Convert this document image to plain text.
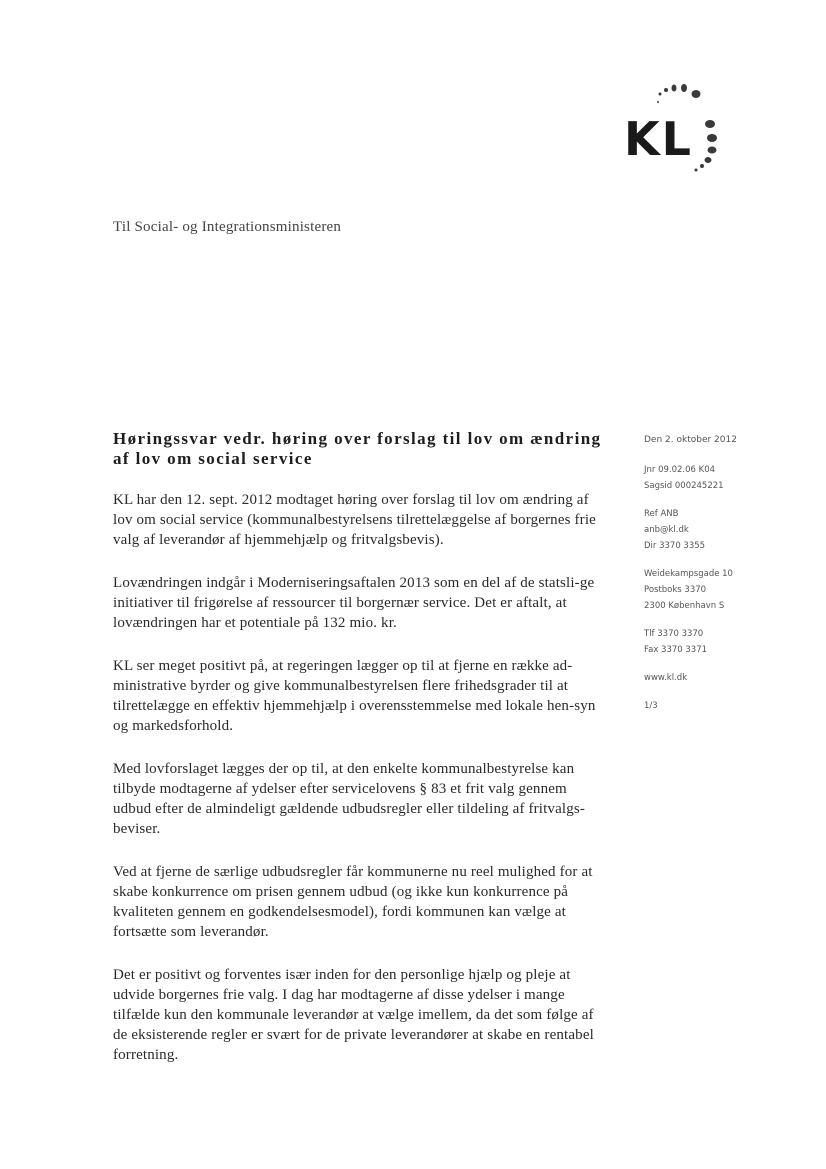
KL
Til Social- og Integrationsministeren
Høringssvar vedr. høring over forslag til lov om ændring af lov om social service

KL har den 12. sept. 2012 modtaget høring over forslag til lov om ændring af lov om social service (kommunalbestyrelsens tilrettelæggelse af borgernes frie valg af leverandør af hjemmehjælp og fritvalgsbevis).

Lovændringen indgår i Moderniseringsaftalen 2013 som en del af de statsli-ge initiativer til frigørelse af ressourcer til borgernær service. Det er aftalt, at lovændringen har et potentiale på 132 mio. kr.

KL ser meget positivt på, at regeringen lægger op til at fjerne en række ad-ministrative byrder og give kommunalbestyrelsen flere frihedsgrader til at tilrettelægge en effektiv hjemmehjælp i overensstemmelse med lokale hen-syn og markedsforhold.

Med lovforslaget lægges der op til, at den enkelte kommunalbestyrelse kan tilbyde modtagerne af ydelser efter servicelovens § 83 et frit valg gennem udbud efter de almindeligt gældende udbudsregler eller tildeling af fritvalgs-beviser.

Ved at fjerne de særlige udbudsregler får kommunerne nu reel mulighed for at skabe konkurrence om prisen gennem udbud (og ikke kun konkurrence på kvaliteten gennem en godkendelsesmodel), fordi kommunen kan vælge at fortsætte som leverandør.

Det er positivt og forventes især inden for den personlige hjælp og pleje at udvide borgernes frie valg. I dag har modtagerne af disse ydelser i mange tilfælde kun den kommunale leverandør at vælge imellem, da det som følge af de eksisterende regler er svært for de private leverandører at skabe en rentabel forretning.

Den 2. oktober 2012
Jnr 09.02.06 K04
Sagsid 000245221
Ref ANB
anb@kl.dk
Dir 3370 3355
Weidekampsgade 10
Postboks 3370
2300 København S
Tlf 3370 3370
Fax 3370 3371
www.kl.dk
1/3
